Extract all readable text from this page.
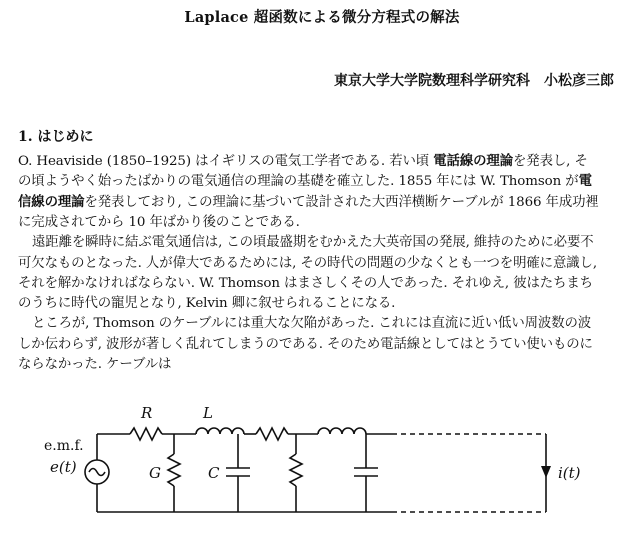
Laplace 超函数による微分方程式の解法
東京大学大学院数理科学研究科　小松彦三郎
1. はじめに
O. Heaviside (1850–1925) はイギリスの電気工学者である. 若い頃 電話線の理論を発表し, そ
の頃ようやく始ったばかりの電気通信の理論の基礎を確立した. 1855 年には W. Thomson が電
信線の理論を発表しており, この理論に基づいて設計された大西洋横断ケーブルが 1866 年成功裡
に完成されてから 10 年ばかり後のことである.
遠距離を瞬時に結ぶ電気通信は, この頃最盛期をむかえた大英帝国の発展, 維持のために必要不
可欠なものとなった. 人が偉大であるためには, その時代の問題の少なくとも一つを明確に意識し,
それを解かなければならない. W. Thomson はまさしくその人であった. それゆえ, 彼はたちまち
のうちに時代の寵児となり, Kelvin 卿に叙せられることになる.
ところが, Thomson のケーブルには重大な欠陥があった. これには直流に近い低い周波数の波
しか伝わらず, 波形が著しく乱れてしまうのである. そのため電話線としてはとうてい使いものに
ならなかった. ケーブルは
R	L
e.m.f.
e(t)	G	C	i(t)
